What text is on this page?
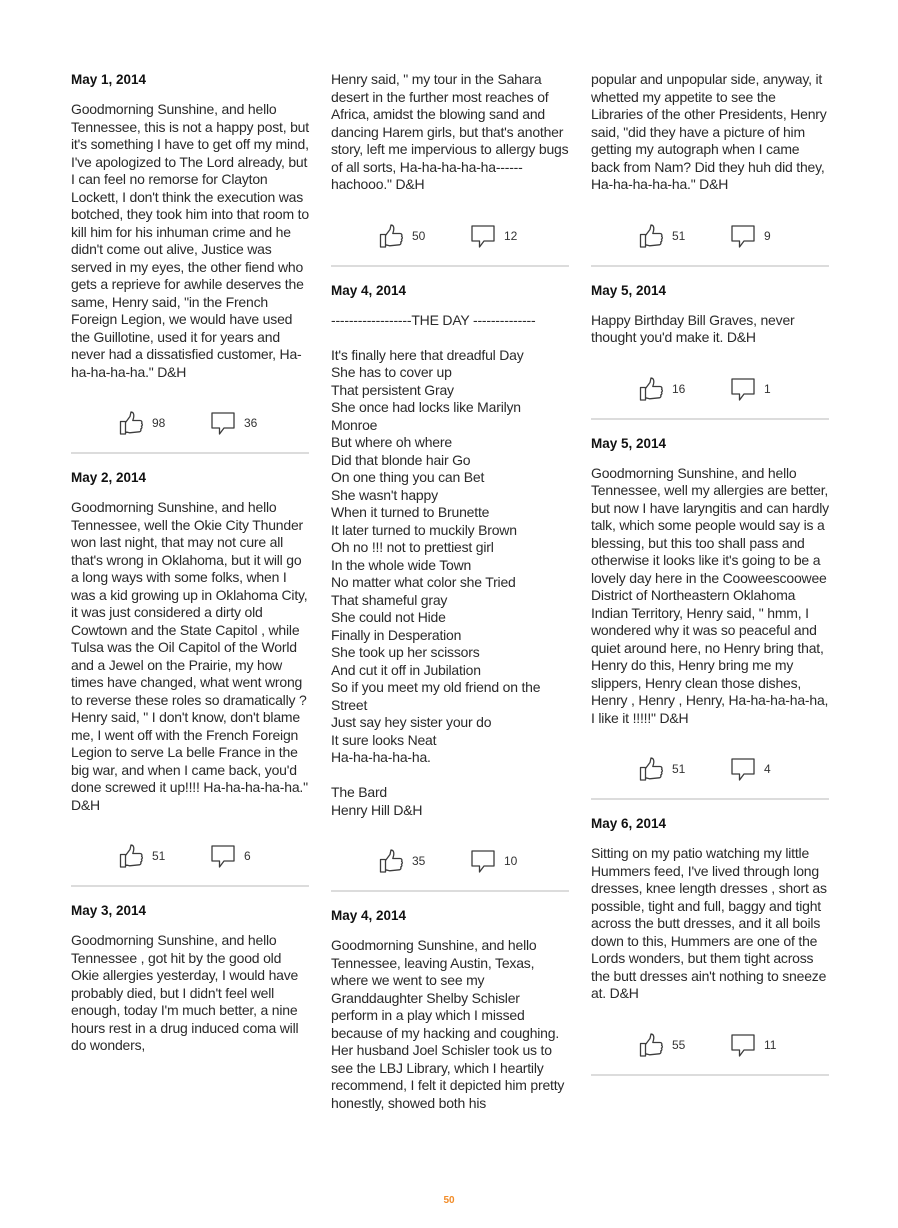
May 1, 2014

Goodmorning Sunshine, and hello Tennessee, this is not a happy post, but it's something I have to get off my mind, I've apologized to The Lord already, but I can feel no remorse for Clayton Lockett, I don't think the execution was botched, they took him into that room to kill him for his inhuman crime and he didn't come out alive, Justice was served in my eyes, the other fiend who gets a reprieve for awhile deserves the same, Henry said, "in the French Foreign Legion, we would have used the Guillotine, used it for years and never had a dissatisfied customer, Ha-ha-ha-ha-ha." D&H

98	36

May 2, 2014

Goodmorning Sunshine, and hello Tennessee, well the Okie City Thunder won last night, that may not cure all that's wrong in Oklahoma, but it will go a long ways with some folks, when I was a kid growing up in Oklahoma City, it was just considered a dirty old Cowtown and the State Capitol , while Tulsa was the Oil Capitol of the World and a Jewel on the Prairie, my how times have changed, what went wrong to reverse these roles so dramatically ? Henry said, " I don't know, don't blame me, I went off with the French Foreign Legion to serve La belle France in the big war, and when I came back, you'd done screwed it up!!!! Ha-ha-ha-ha-ha." D&H

51	6

May 3, 2014

Goodmorning Sunshine, and hello Tennessee , got hit by the good old Okie allergies yesterday, I would have probably died, but I didn't feel well enough, today I'm much better, a nine hours rest in a drug induced coma will do wonders,

Henry said, " my tour in the Sahara desert in the further most reaches of Africa, amidst the blowing sand and dancing Harem girls, but that's another story, left me impervious to allergy bugs of all sorts, Ha-ha-ha-ha-ha------hachooo." D&H

50	12

May 4, 2014

------------------THE DAY --------------

It's finally here that dreadful Day
She has to cover up
That persistent Gray
She once had locks like Marilyn Monroe
But where oh where
Did that blonde hair Go
On one thing you can Bet
She wasn't happy
When it turned to Brunette
It later turned to muckily Brown
Oh no !!! not to prettiest girl
In the whole wide Town
No matter what color she Tried
That shameful gray
She could not Hide
Finally in Desperation
She took up her scissors
And cut it off in Jubilation
So if you meet my old friend on the Street
Just say hey sister your do
It sure looks Neat
Ha-ha-ha-ha-ha.

The Bard
Henry Hill D&H

35	10

May 4, 2014

Goodmorning Sunshine, and hello Tennessee, leaving Austin, Texas, where we went to see my Granddaughter Shelby Schisler perform in a play which I missed because of my hacking and coughing. Her husband Joel Schisler took us to see the LBJ Library, which I heartily recommend, I felt it depicted him pretty honestly, showed both his

popular and unpopular side, anyway, it whetted my appetite to see the Libraries of the other Presidents, Henry said, "did they have a picture of him getting my autograph when I came back from Nam? Did they huh did they, Ha-ha-ha-ha-ha." D&H

51	9

May 5, 2014

Happy Birthday Bill Graves, never thought you'd make it. D&H

16	1

May 5, 2014

Goodmorning Sunshine, and hello Tennessee, well my allergies are better, but now I have laryngitis and can hardly talk, which some people would say is a blessing, but this too shall pass and otherwise it looks like it's going to be a lovely day here in the Cooweescoowee District of Northeastern Oklahoma Indian Territory, Henry said, " hmm, I wondered why it was so peaceful and quiet around here, no Henry bring that, Henry do this, Henry bring me my slippers, Henry clean those dishes, Henry , Henry , Henry, Ha-ha-ha-ha-ha, I like it !!!!!" D&H

51	4

May 6, 2014

Sitting on my patio watching my little Hummers feed, I've lived through long dresses, knee length dresses , short as possible, tight and full, baggy and tight across the butt dresses, and it all boils down to this, Hummers are one of the Lords wonders, but them tight across the butt dresses ain't nothing to sneeze at. D&H

55	11
50
